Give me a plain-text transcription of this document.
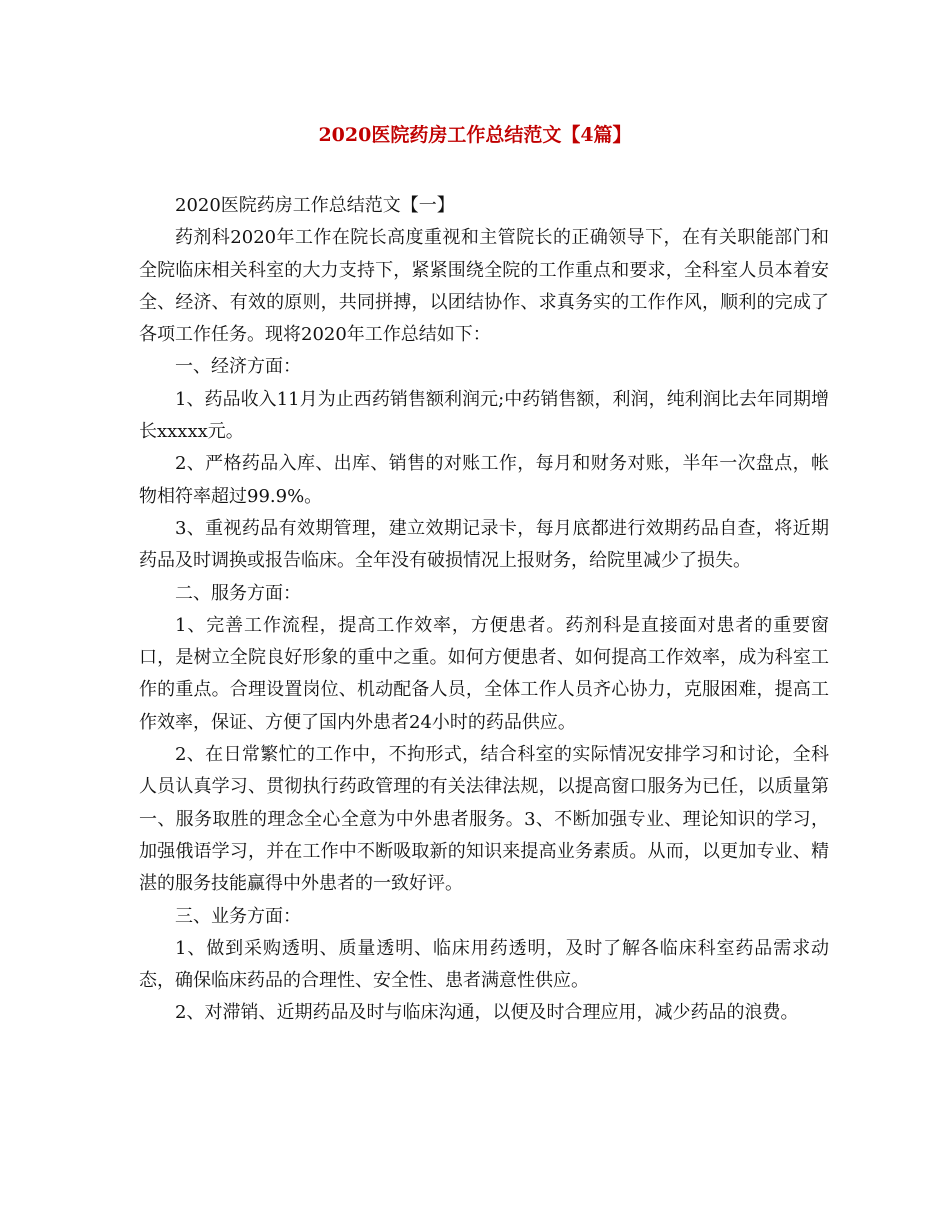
2020医院药房工作总结范文【4篇】

2020医院药房工作总结范文【一】

药剂科2020年工作在院长高度重视和主管院长的正确领导下，在有关职能部门和全院临床相关科室的大力支持下，紧紧围绕全院的工作重点和要求，全科室人员本着安全、经济、有效的原则，共同拼搏，以团结协作、求真务实的工作作风，顺利的完成了各项工作任务。现将2020年工作总结如下：

一、经济方面：

1、药品收入11月为止西药销售额利润元;中药销售额，利润，纯利润比去年同期增长xxxxx元。

2、严格药品入库、出库、销售的对账工作，每月和财务对账，半年一次盘点，帐物相符率超过99.9%。

3、重视药品有效期管理，建立效期记录卡，每月底都进行效期药品自查，将近期药品及时调换或报告临床。全年没有破损情况上报财务，给院里减少了损失。

二、服务方面：

1、完善工作流程，提高工作效率，方便患者。药剂科是直接面对患者的重要窗口，是树立全院良好形象的重中之重。如何方便患者、如何提高工作效率，成为科室工作的重点。合理设置岗位、机动配备人员，全体工作人员齐心协力，克服困难，提高工作效率，保证、方便了国内外患者24小时的药品供应。

2、在日常繁忙的工作中，不拘形式，结合科室的实际情况安排学习和讨论，全科人员认真学习、贯彻执行药政管理的有关法律法规，以提高窗口服务为已任，以质量第一、服务取胜的理念全心全意为中外患者服务。3、不断加强专业、理论知识的学习，加强俄语学习，并在工作中不断吸取新的知识来提高业务素质。从而，以更加专业、精湛的服务技能赢得中外患者的一致好评。

三、业务方面：

1、做到采购透明、质量透明、临床用药透明，及时了解各临床科室药品需求动态，确保临床药品的合理性、安全性、患者满意性供应。

2、对滞销、近期药品及时与临床沟通，以便及时合理应用，减少药品的浪费。
